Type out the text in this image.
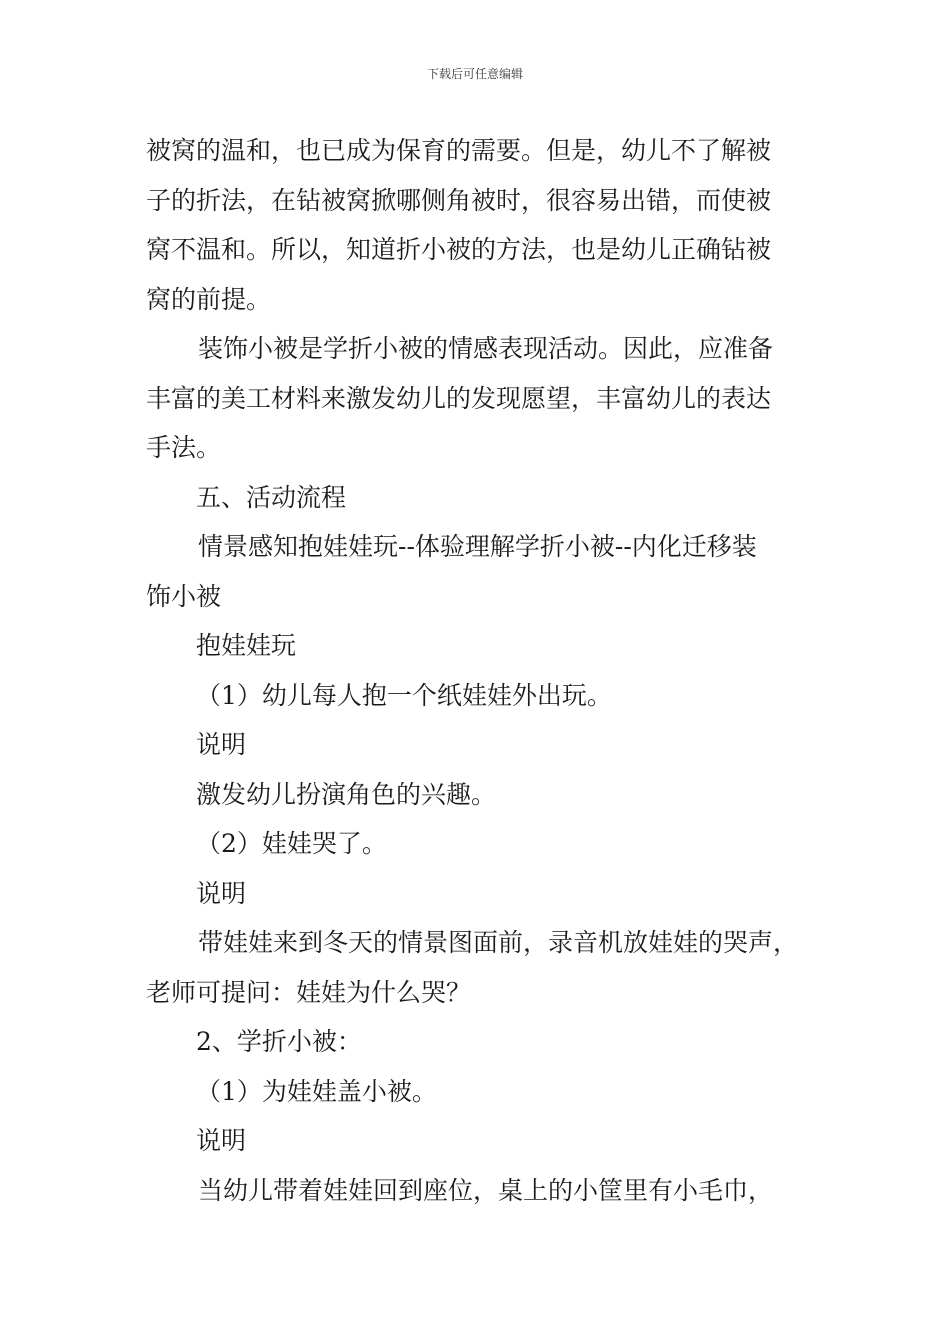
下载后可任意编辑
被窝的温和，也已成为保育的需要。但是，幼儿不了解被
子的折法，在钻被窝掀哪侧角被时，很容易出错，而使被
窝不温和。所以，知道折小被的方法，也是幼儿正确钻被
窝的前提。
装饰小被是学折小被的情感表现活动。因此，应准备
丰富的美工材料来激发幼儿的发现愿望，丰富幼儿的表达
手法。
五、活动流程
情景感知抱娃娃玩--体验理解学折小被--内化迁移装
饰小被
抱娃娃玩
（1）幼儿每人抱一个纸娃娃外出玩。
说明
激发幼儿扮演角色的兴趣。
（2）娃娃哭了。
说明
带娃娃来到冬天的情景图面前，录音机放娃娃的哭声，
老师可提问：娃娃为什么哭？
2、学折小被：
（1）为娃娃盖小被。
说明
当幼儿带着娃娃回到座位，桌上的小筐里有小毛巾，
